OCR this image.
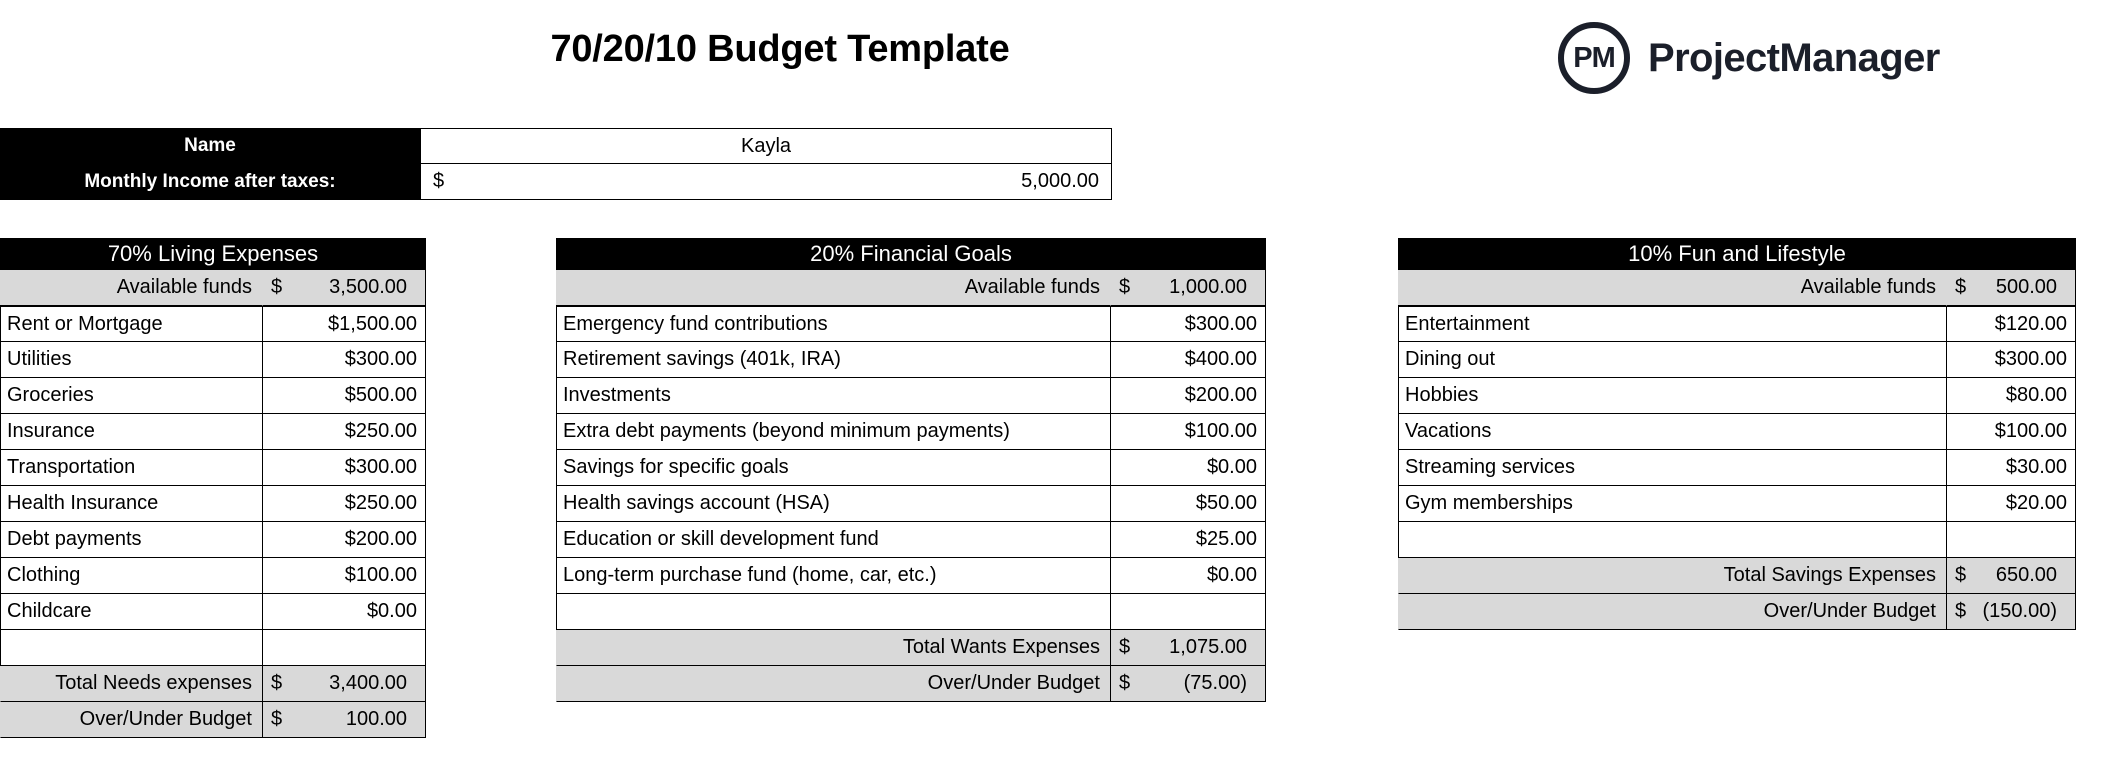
70/20/10 Budget Template	PM ProjectManager
Name	Kayla
Monthly Income after taxes:	$	5,000.00
70% Living Expenses
Available funds $ 3,500.00
Rent or Mortgage	$1,500.00
Utilities	$300.00
Groceries	$500.00
Insurance	$250.00
Transportation	$300.00
Health Insurance	$250.00
Debt payments	$200.00
Clothing	$100.00
Childcare	$0.00
Total Needs expenses $ 3,400.00
Over/Under Budget $	100.00
20% Financial Goals
Available funds $ 1,000.00
Emergency fund contributions	$300.00
Retirement savings (401k, IRA)	$400.00
Investments	$200.00
Extra debt payments (beyond minimum payments)	$100.00
Savings for specific goals	$0.00
Health savings account (HSA)	$50.00
Education or skill development fund	$25.00
Long-term purchase fund (home, car, etc.)	$0.00
Total Wants Expenses $ 1,075.00
Over/Under Budget $	(75.00)
10% Fun and Lifestyle
Available funds $ 500.00
Entertainment	$120.00
Dining out	$300.00
Hobbies	$80.00
Vacations	$100.00
Streaming services	$30.00
Gym memberships	$20.00
Total Savings Expenses $ 650.00
Over/Under Budget $ (150.00)
